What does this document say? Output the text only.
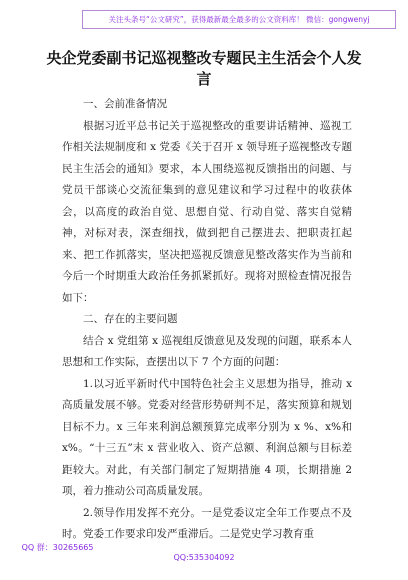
关注头条号“公文研究”，获得最新最全最多的公文资料库！ 微信：gongwenyj
央企党委副书记巡视整改专题民主生活会个人发言
一、会前准备情况

根据习近平总书记关于巡视整改的重要讲话精神、巡视工作相关法规制度和 x 党委《关于召开 x 领导班子巡视整改专题民主生活会的通知》要求，本人围绕巡视反馈指出的问题、与党员干部谈心交流征集到的意见建议和学习过程中的收获体会，以高度的政治自觉、思想自觉、行动自觉、落实自觉精神，对标对表，深查细找，做到把自己摆进去、把职责扛起来、把工作抓落实，坚决把巡视反馈意见整改落实作为当前和今后一个时期重大政治任务抓紧抓好。现将对照检查情况报告如下：

二、存在的主要问题

结合 x 党组第 x 巡视组反馈意见及发现的问题，联系本人思想和工作实际，查摆出以下 7 个方面的问题：

1.以习近平新时代中国特色社会主义思想为指导，推动 x 高质量发展不够。党委对经营形势研判不足，落实预算和规划目标不力。x 三年来利润总额预算完成率分别为 x %、x%和 x%。“十三五”末 x 营业收入、资产总额、利润总额与目标差距较大。对此，有关部门制定了短期措施 4 项，长期措施 2 项，着力推动公司高质量发展。

2.领导作用发挥不充分。一是党委议定全年工作要点不及时。党委工作要求印发严重滞后。二是党史学习教育重

QQ 群：30265665          QQ:535304092
